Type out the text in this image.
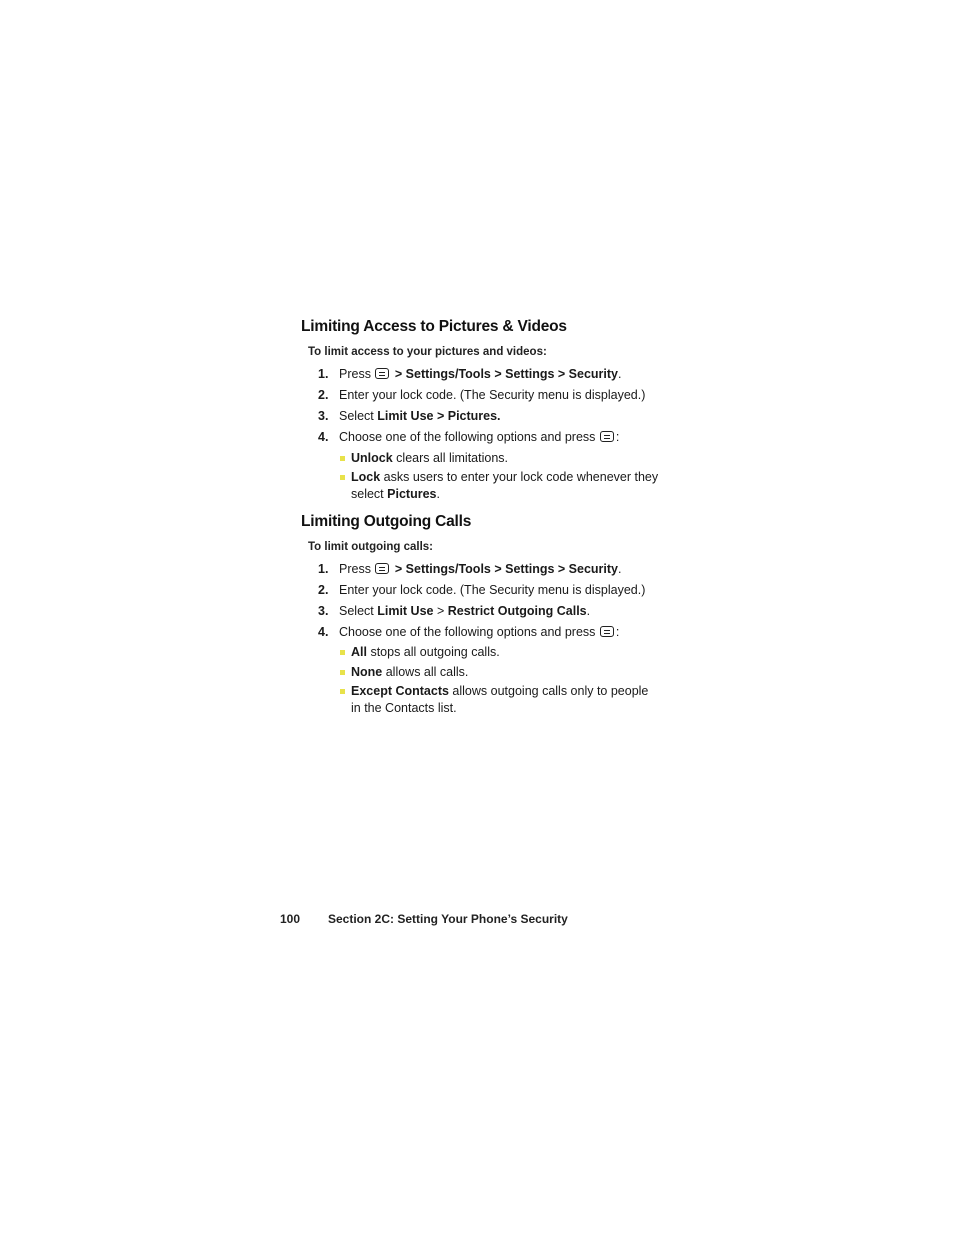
Limiting Access to Pictures & Videos
To limit access to your pictures and videos:
1. Press  > Settings/Tools > Settings > Security.
2. Enter your lock code. (The Security menu is displayed.)
3. Select Limit Use > Pictures.
4. Choose one of the following options and press :
Unlock clears all limitations.
Lock asks users to enter your lock code whenever they select Pictures.
Limiting Outgoing Calls
To limit outgoing calls:
1. Press  > Settings/Tools > Settings > Security.
2. Enter your lock code. (The Security menu is displayed.)
3. Select Limit Use > Restrict Outgoing Calls.
4. Choose one of the following options and press :
All stops all outgoing calls.
None allows all calls.
Except Contacts allows outgoing calls only to people in the Contacts list.
100 Section 2C: Setting Your Phone’s Security
